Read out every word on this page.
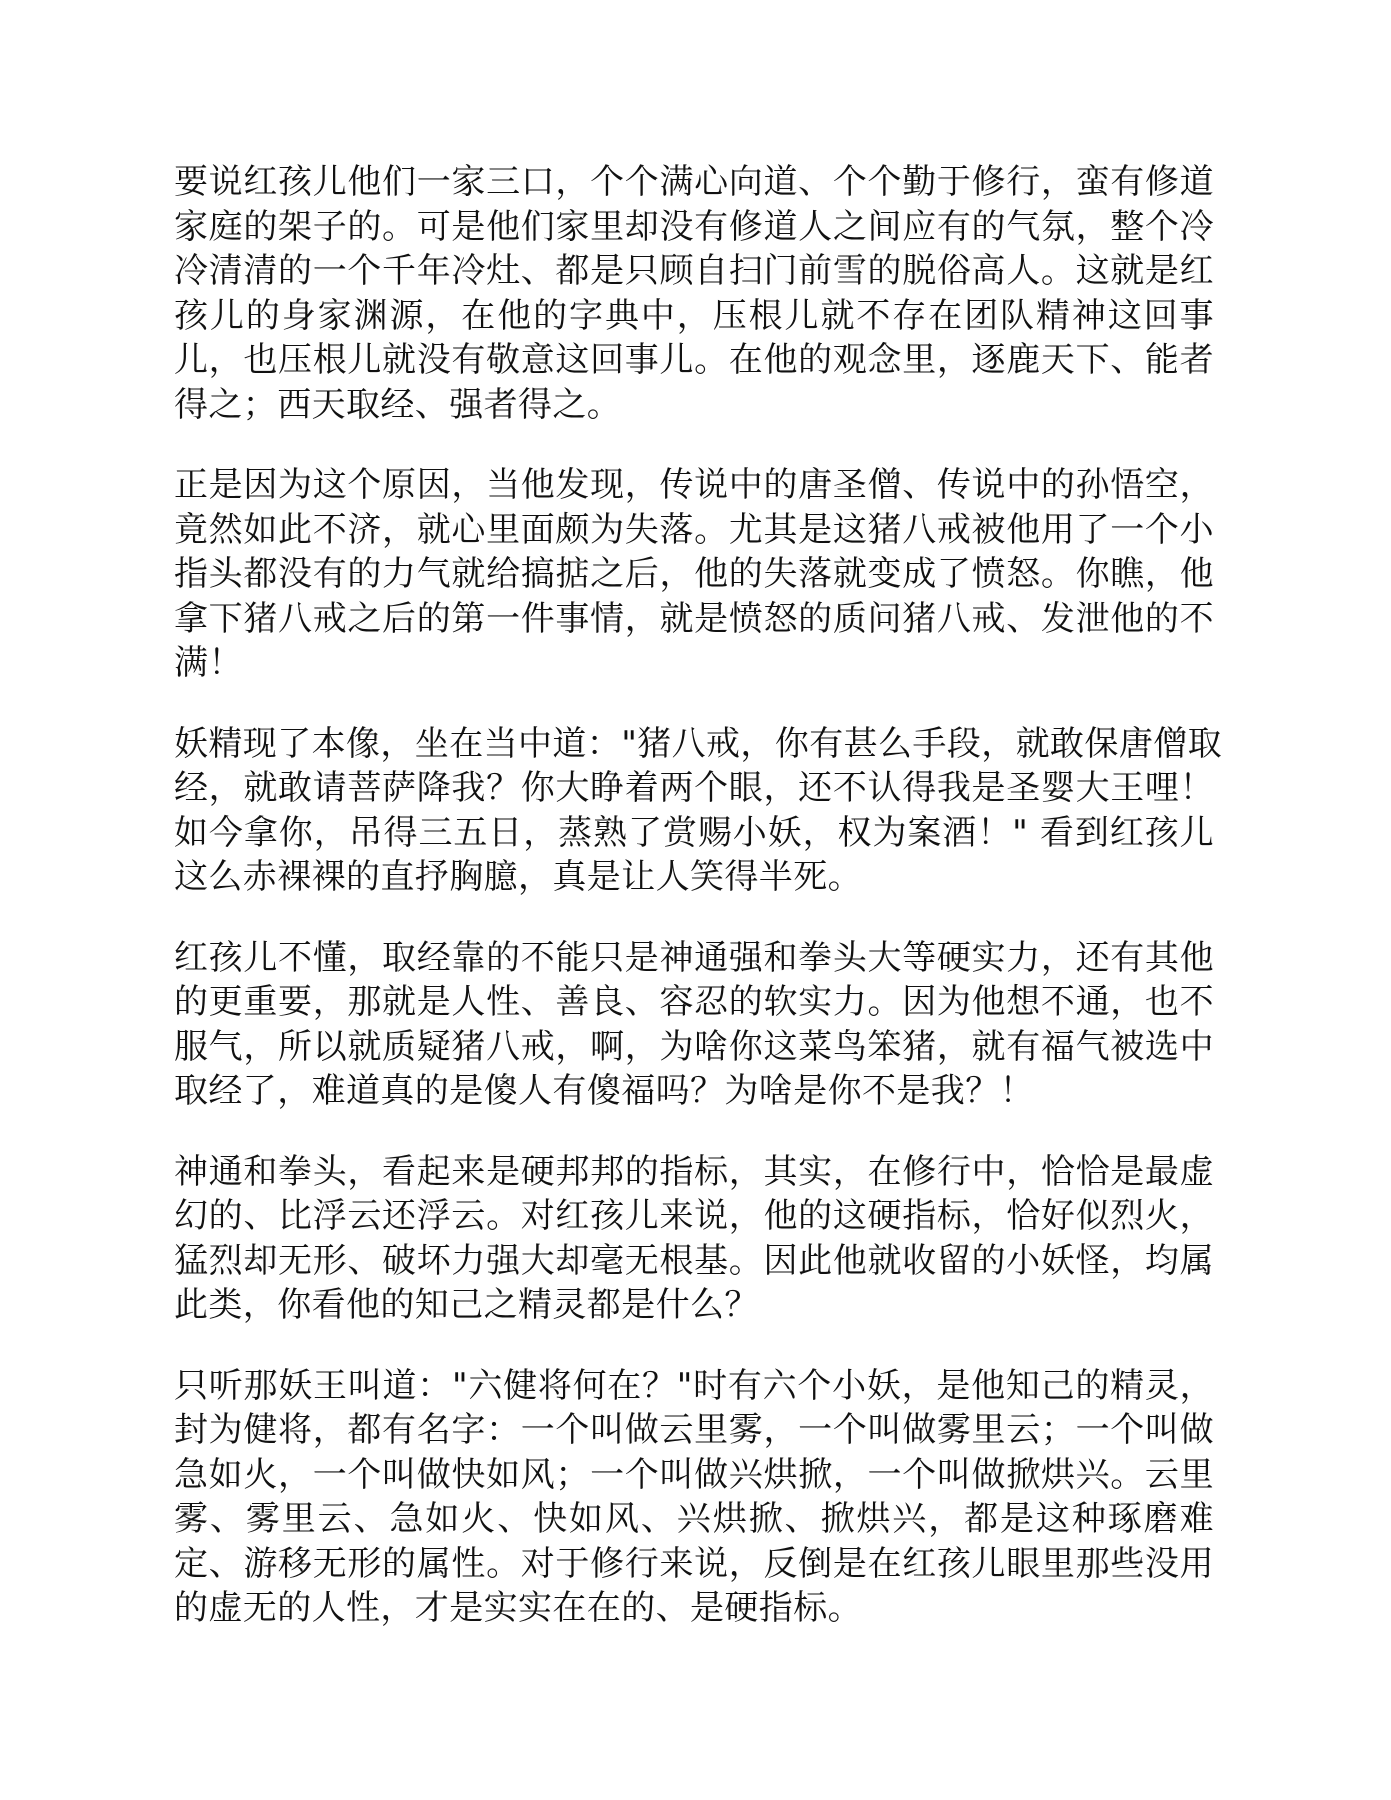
要说红孩儿他们一家三口，个个满心向道、个个勤于修行，蛮有修道
家庭的架子的。可是他们家里却没有修道人之间应有的气氛，整个冷
冷清清的一个千年冷灶、都是只顾自扫门前雪的脱俗高人。这就是红
孩儿的身家渊源，在他的字典中，压根儿就不存在团队精神这回事
儿，也压根儿就没有敬意这回事儿。在他的观念里，逐鹿天下、能者
得之；西天取经、强者得之。

正是因为这个原因，当他发现，传说中的唐圣僧、传说中的孙悟空，
竟然如此不济，就心里面颇为失落。尤其是这猪八戒被他用了一个小
指头都没有的力气就给搞掂之后，他的失落就变成了愤怒。你瞧，他
拿下猪八戒之后的第一件事情，就是愤怒的质问猪八戒、发泄他的不
满！

妖精现了本像，坐在当中道："猪八戒，你有甚么手段，就敢保唐僧取
经，就敢请菩萨降我？你大睁着两个眼，还不认得我是圣婴大王哩！
如今拿你，吊得三五日，蒸熟了赏赐小妖，权为案酒！" 看到红孩儿
这么赤裸裸的直抒胸臆，真是让人笑得半死。

红孩儿不懂，取经靠的不能只是神通强和拳头大等硬实力，还有其他
的更重要，那就是人性、善良、容忍的软实力。因为他想不通，也不
服气，所以就质疑猪八戒，啊，为啥你这菜鸟笨猪，就有福气被选中
取经了，难道真的是傻人有傻福吗？为啥是你不是我？！

神通和拳头，看起来是硬邦邦的指标，其实，在修行中，恰恰是最虚
幻的、比浮云还浮云。对红孩儿来说，他的这硬指标，恰好似烈火，
猛烈却无形、破坏力强大却毫无根基。因此他就收留的小妖怪，均属
此类，你看他的知己之精灵都是什么？

只听那妖王叫道："六健将何在？"时有六个小妖，是他知己的精灵，
封为健将，都有名字：一个叫做云里雾，一个叫做雾里云；一个叫做
急如火，一个叫做快如风；一个叫做兴烘掀，一个叫做掀烘兴。云里
雾、雾里云、急如火、快如风、兴烘掀、掀烘兴，都是这种琢磨难
定、游移无形的属性。对于修行来说，反倒是在红孩儿眼里那些没用
的虚无的人性，才是实实在在的、是硬指标。
